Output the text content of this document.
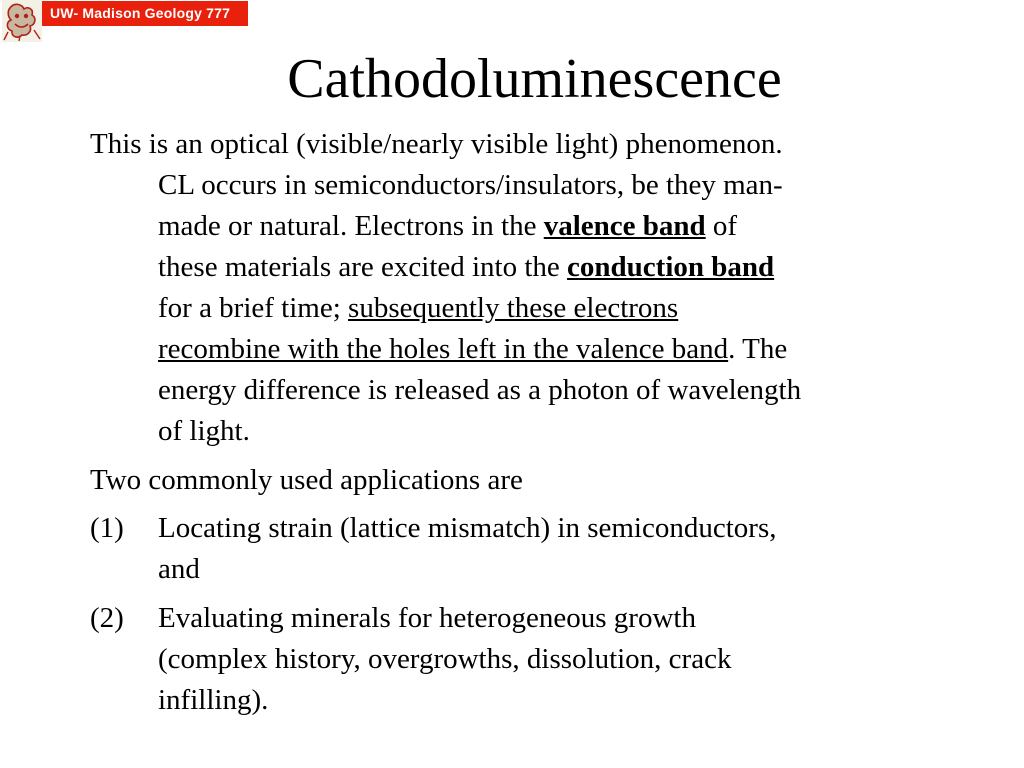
UW- Madison Geology 777
Cathodoluminescence
This is an optical (visible/nearly visible light) phenomenon.
CL occurs in semiconductors/insulators, be they man-
made or natural. Electrons in the valence band of
these materials are excited into the conduction band
for a brief time; subsequently these electrons
recombine with the holes left in the valence band. The
energy difference is released as a photon of wavelength
of light.
Two commonly used applications are
(1)	Locating strain (lattice mismatch) in semiconductors,
and
(2)	Evaluating minerals for heterogeneous growth
(complex history, overgrowths, dissolution, crack
infilling).
